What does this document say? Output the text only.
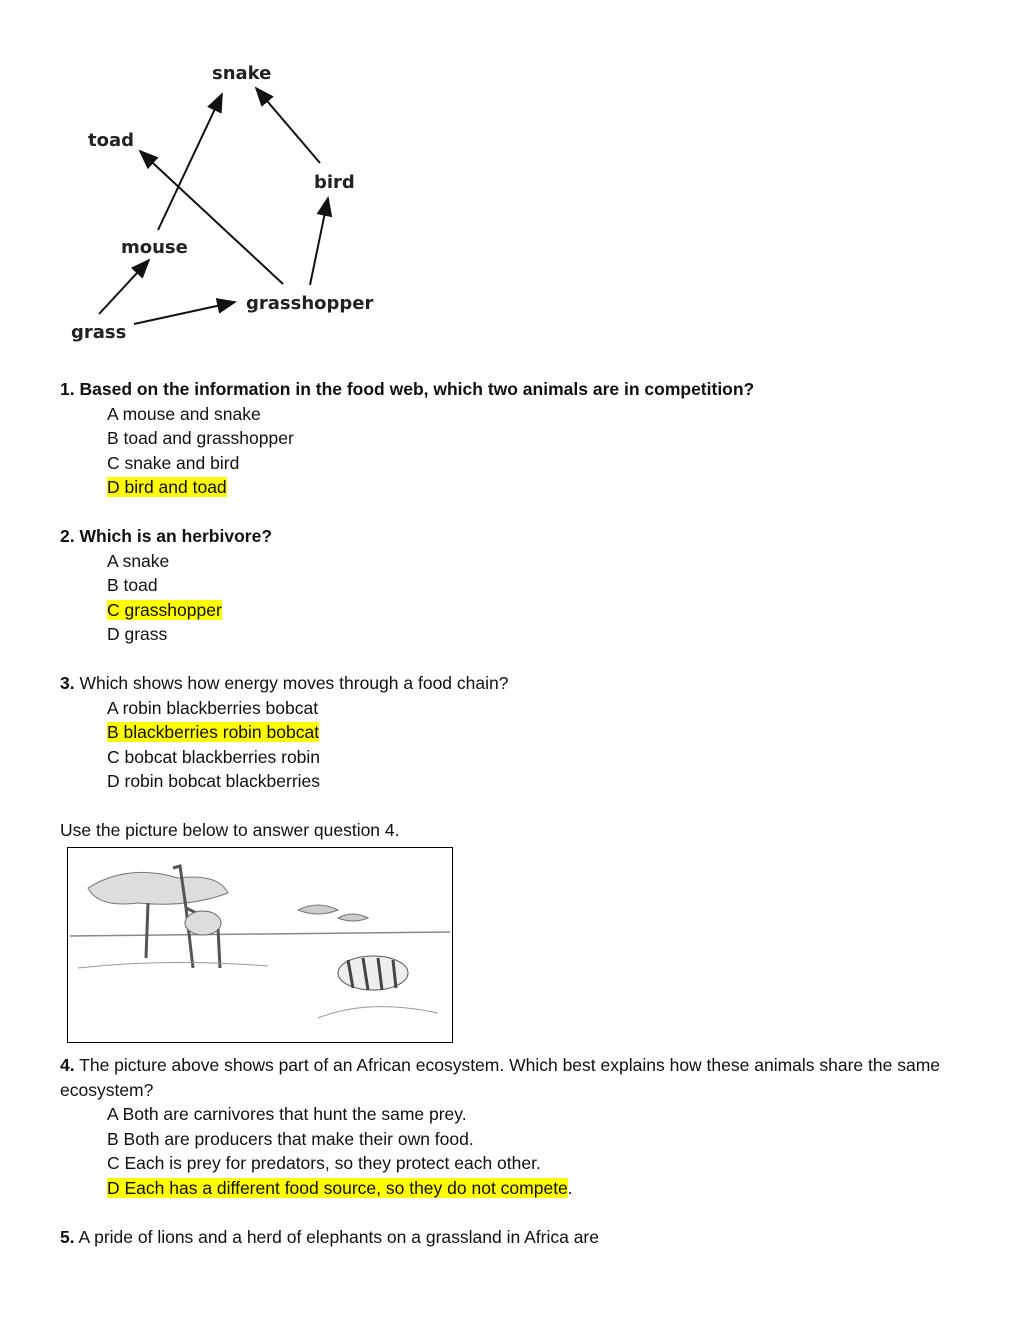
snake
toad
bird
mouse
grasshopper
grass

1. Based on the information in the food web, which two animals are in competition?

A mouse and snake
B toad and grasshopper
C snake and bird
D bird and toad

2. Which is an herbivore?

A snake
B toad
C grasshopper
D grass

3. Which shows how energy moves through a food chain?

A robin blackberries bobcat
B blackberries robin bobcat
C bobcat blackberries robin
D robin bobcat blackberries

Use the picture below to answer question 4.

4. The picture above shows part of an African ecosystem. Which best explains how these animals share the same ecosystem?

A Both are carnivores that hunt the same prey.
B Both are producers that make their own food.
C Each is prey for predators, so they protect each other.
D Each has a different food source, so they do not compete.

5. A pride of lions and a herd of elephants on a grassland in Africa are
